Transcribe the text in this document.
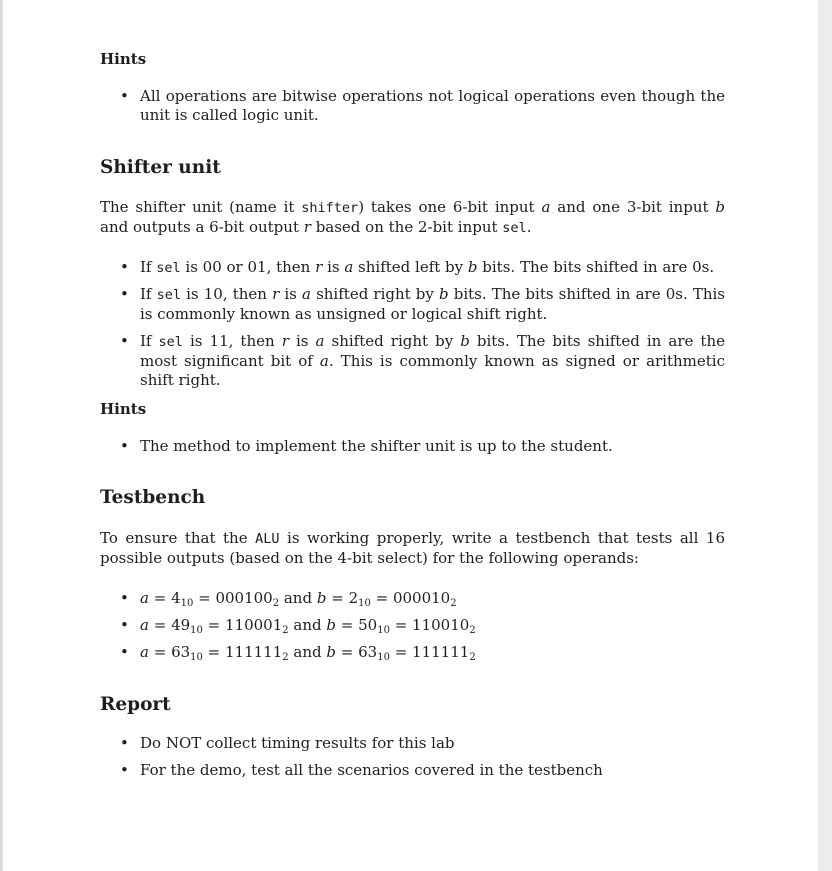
Hints
• All operations are bitwise operations not logical operations even though the unit is called logic unit.
Shifter unit
The shifter unit (name it shifter) takes one 6-bit input a and one 3-bit input b and outputs a 6-bit output r based on the 2-bit input sel.
• If sel is 00 or 01, then r is a shifted left by b bits. The bits shifted in are 0s.
• If sel is 10, then r is a shifted right by b bits. The bits shifted in are 0s. This is commonly known as unsigned or logical shift right.
• If sel is 11, then r is a shifted right by b bits. The bits shifted in are the most significant bit of a. This is commonly known as signed or arithmetic shift right.
Hints
• The method to implement the shifter unit is up to the student.
Testbench
To ensure that the ALU is working properly, write a testbench that tests all 16 possible outputs (based on the 4-bit select) for the following operands:
• $a = 4_{10} = 000100_2$ and $b = 2_{10} = 000010_2$
• $a = 49_{10} = 110001_2$ and $b = 50_{10} = 110010_2$
• $a = 63_{10} = 111111_2$ and $b = 63_{10} = 111111_2$
Report
• Do NOT collect timing results for this lab
• For the demo, test all the scenarios covered in the testbench
